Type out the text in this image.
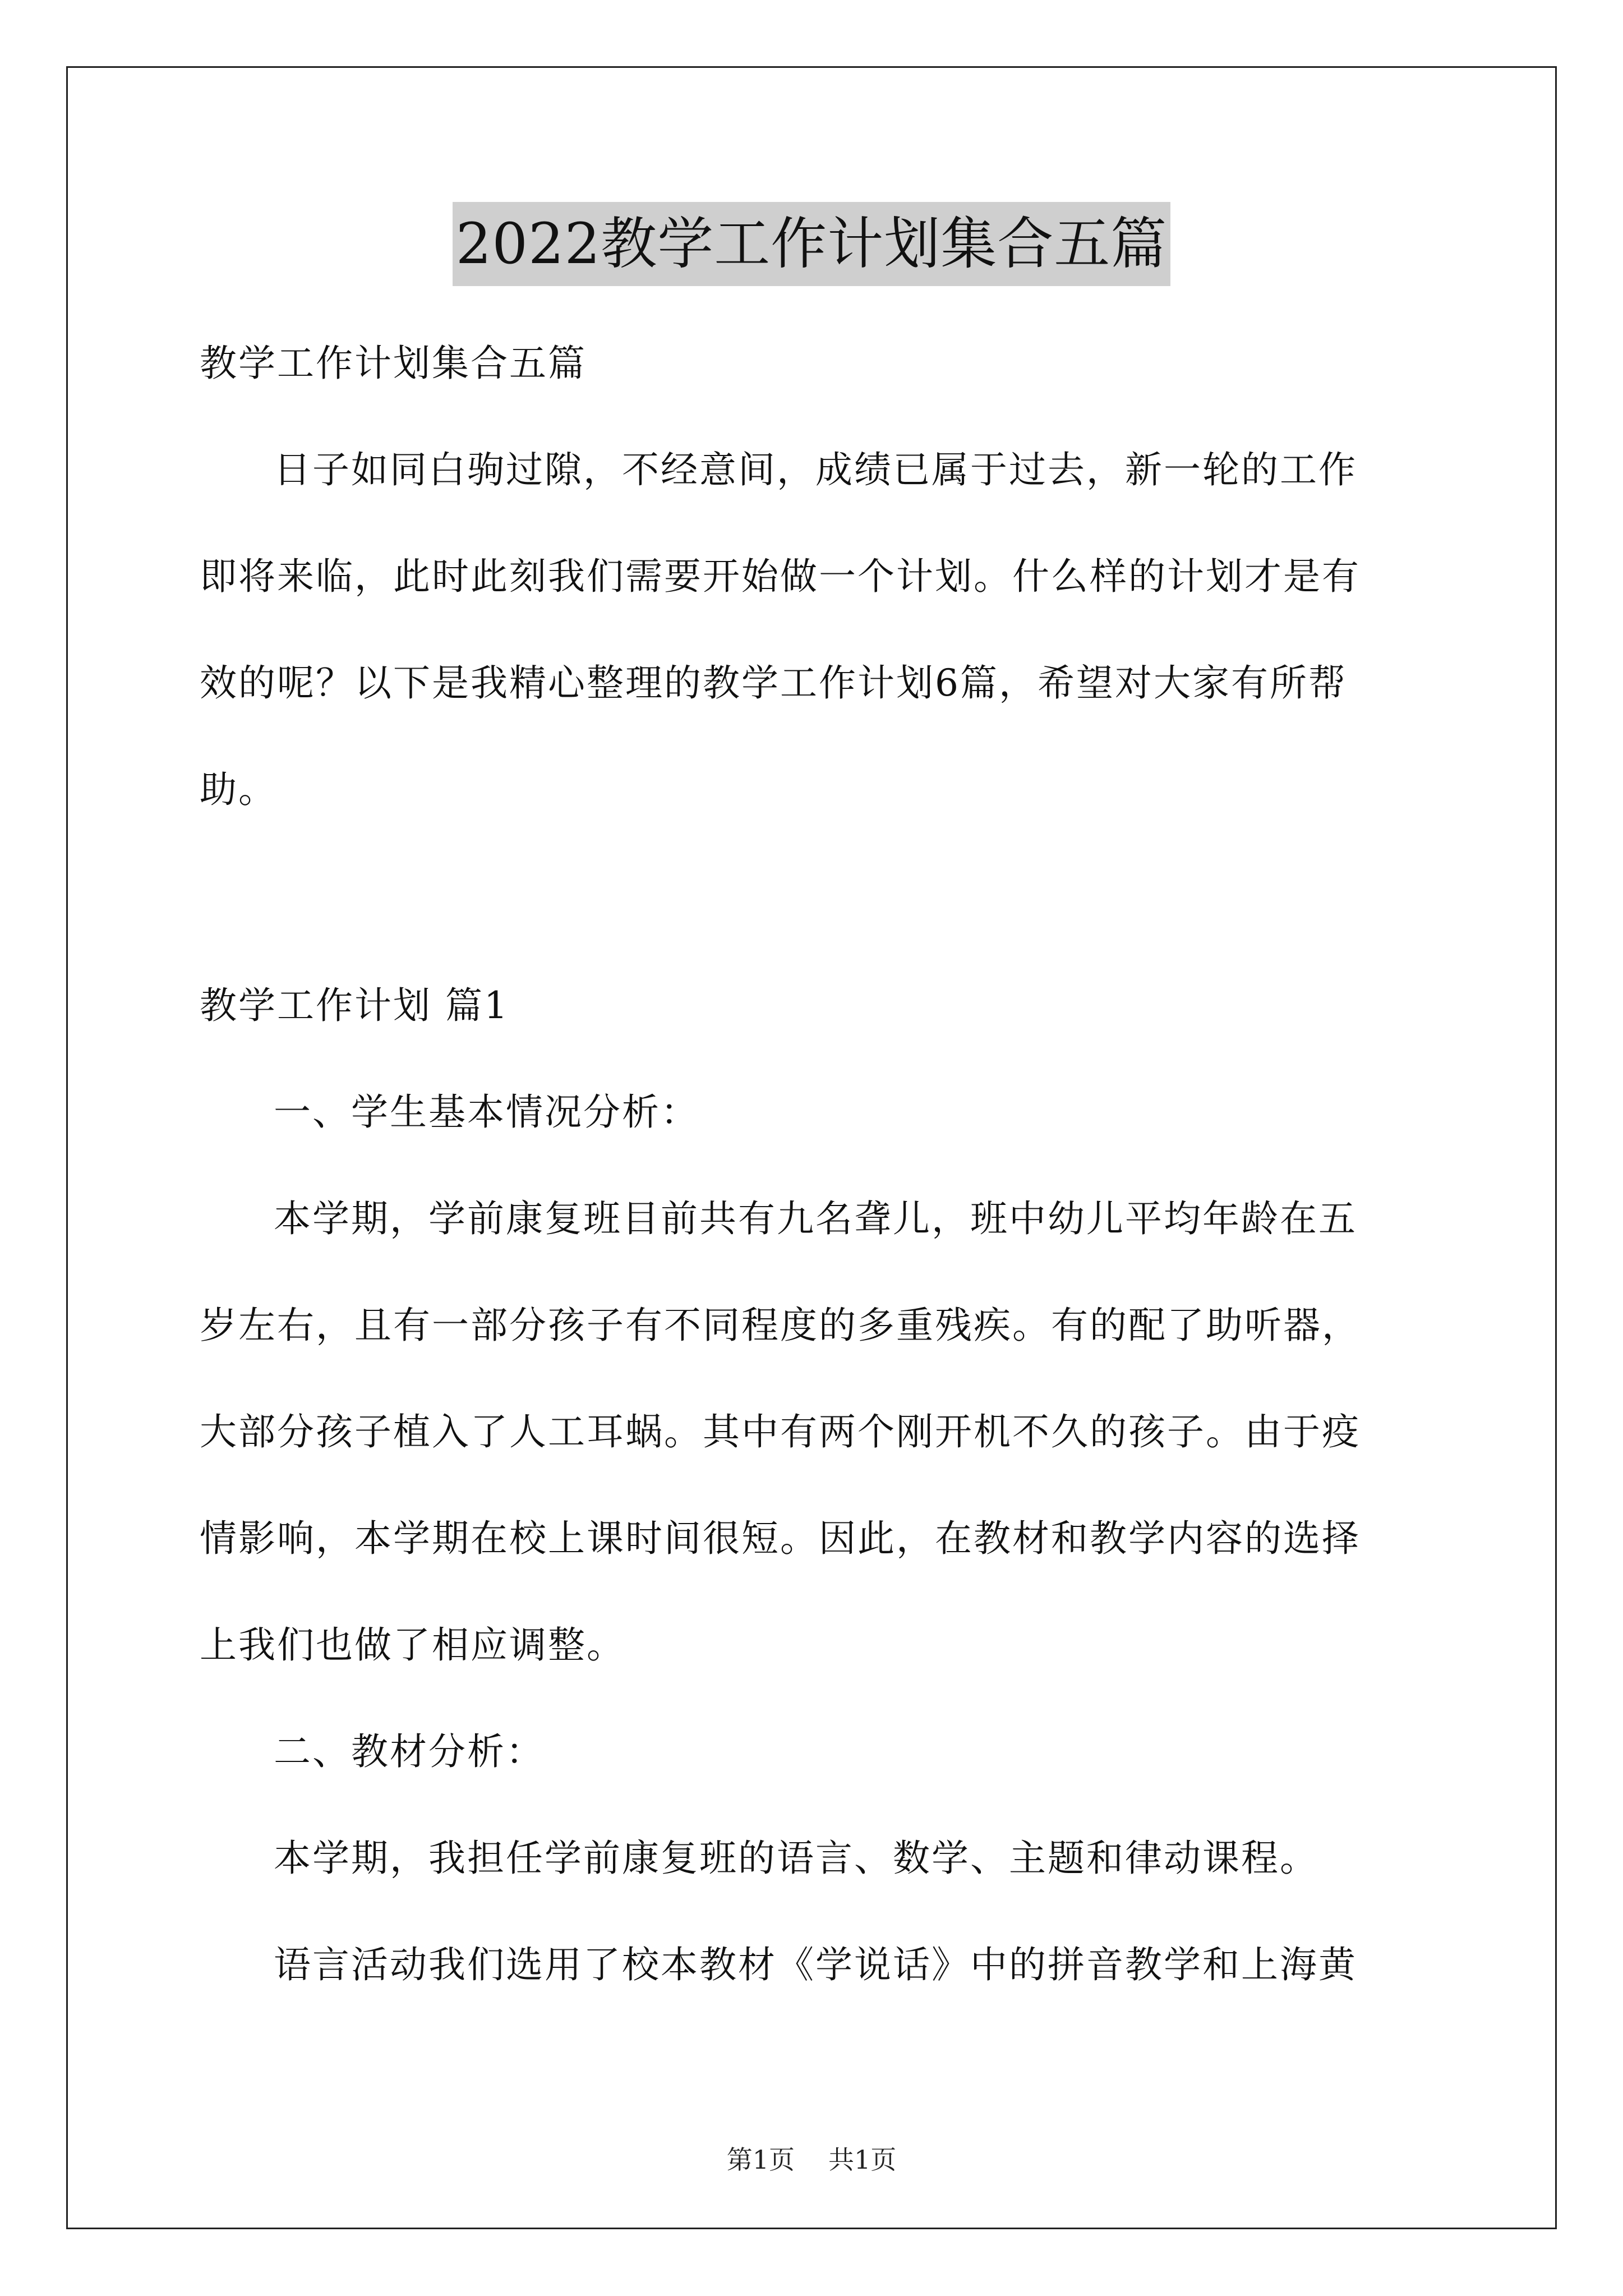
2022教学工作计划集合五篇

教学工作计划集合五篇

日子如同白驹过隙，不经意间，成绩已属于过去，新一轮的工作

即将来临，此时此刻我们需要开始做一个计划。什么样的计划才是有

效的呢？以下是我精心整理的教学工作计划6篇，希望对大家有所帮

助。

教学工作计划 篇1

一、学生基本情况分析：

本学期，学前康复班目前共有九名聋儿，班中幼儿平均年龄在五

岁左右，且有一部分孩子有不同程度的多重残疾。有的配了助听器，

大部分孩子植入了人工耳蜗。其中有两个刚开机不久的孩子。由于疫

情影响，本学期在校上课时间很短。因此，在教材和教学内容的选择

上我们也做了相应调整。

二、教材分析：

本学期，我担任学前康复班的语言、数学、主题和律动课程。

语言活动我们选用了校本教材《学说话》中的拼音教学和上海黄

第1页 共1页
